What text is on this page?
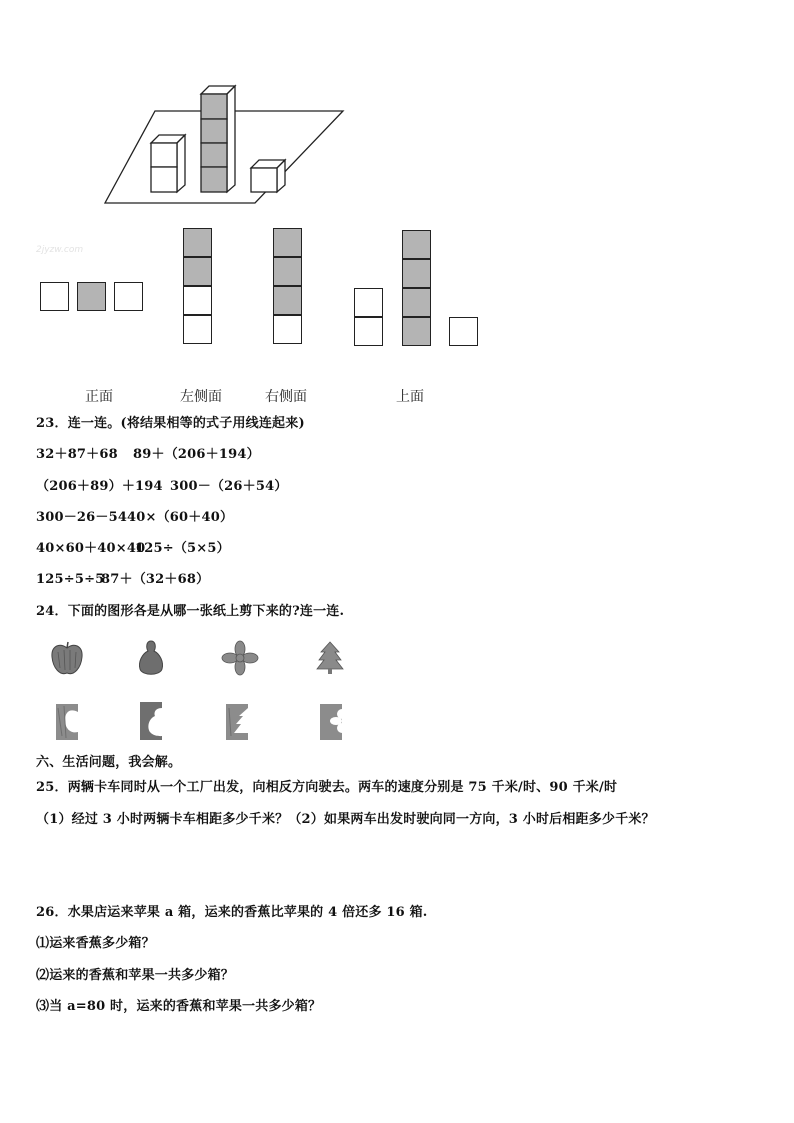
2jyzw.com
正面	左侧面	右侧面	上面
23．连一连。(将结果相等的式子用线连起来)
32＋87＋68 89＋（206＋194）
（206＋89）＋194 300－（26＋54）
300－26－54 40×（60＋40）
40×60＋40×40
125÷（5×5）
125÷5÷5
87＋（32＋68）
24．下面的图形各是从哪一张纸上剪下来的?连一连.
六、生活问题，我会解。
25．两辆卡车同时从一个工厂出发，向相反方向驶去。两车的速度分别是 75 千米/时、90 千米/时
（1）经过 3 小时两辆卡车相距多少千米？（2）如果两车出发时驶向同一方向，3 小时后相距多少千米？
26．水果店运来苹果 a 箱，运来的香蕉比苹果的 4 倍还多 16 箱.
⑴运来香蕉多少箱？
⑵运来的香蕉和苹果一共多少箱？
⑶当 a=80 时，运来的香蕉和苹果一共多少箱？
